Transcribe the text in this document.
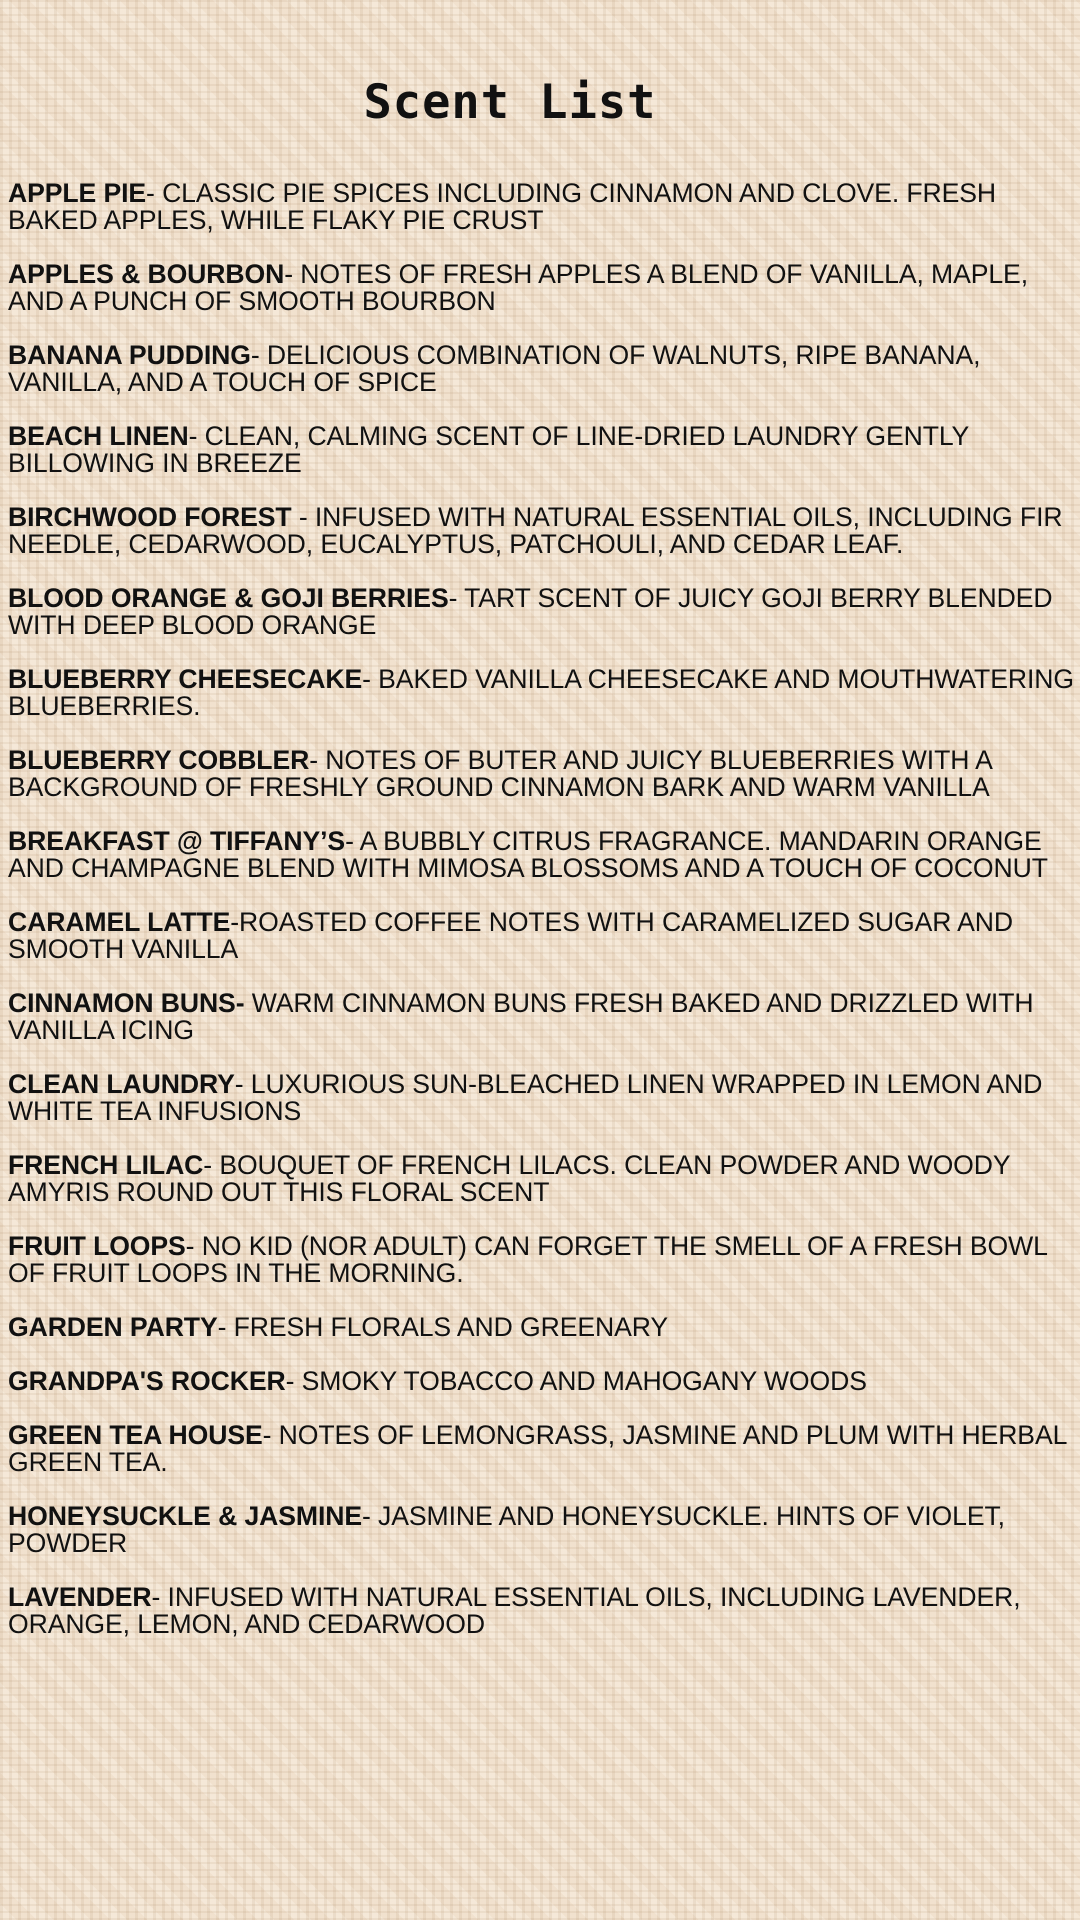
Scent List
APPLE PIE- CLASSIC PIE SPICES INCLUDING CINNAMON AND CLOVE. FRESH BAKED APPLES, WHILE FLAKY PIE CRUST
APPLES & BOURBON- NOTES OF FRESH APPLES A BLEND OF VANILLA, MAPLE, AND A PUNCH OF SMOOTH BOURBON
BANANA PUDDING- DELICIOUS COMBINATION OF WALNUTS, RIPE BANANA, VANILLA, AND A TOUCH OF SPICE
BEACH LINEN- CLEAN, CALMING SCENT OF LINE-DRIED LAUNDRY GENTLY BILLOWING IN BREEZE
BIRCHWOOD FOREST - INFUSED WITH NATURAL ESSENTIAL OILS, INCLUDING FIR NEEDLE, CEDARWOOD, EUCALYPTUS, PATCHOULI, AND CEDAR LEAF.
BLOOD ORANGE & GOJI BERRIES- TART SCENT OF JUICY GOJI BERRY BLENDED WITH DEEP BLOOD ORANGE
BLUEBERRY CHEESECAKE- BAKED VANILLA CHEESECAKE AND MOUTHWATERING BLUEBERRIES.
BLUEBERRY COBBLER- NOTES OF BUTER AND JUICY BLUEBERRIES WITH A BACKGROUND OF FRESHLY GROUND CINNAMON BARK AND WARM VANILLA
BREAKFAST @ TIFFANY’S- A BUBBLY CITRUS FRAGRANCE. MANDARIN ORANGE AND CHAMPAGNE BLEND WITH MIMOSA BLOSSOMS AND A TOUCH OF COCONUT
CARAMEL LATTE-ROASTED COFFEE NOTES WITH CARAMELIZED SUGAR AND SMOOTH VANILLA
CINNAMON BUNS- WARM CINNAMON BUNS FRESH BAKED AND DRIZZLED WITH VANILLA ICING
CLEAN LAUNDRY- LUXURIOUS SUN-BLEACHED LINEN WRAPPED IN LEMON AND WHITE TEA INFUSIONS
FRENCH LILAC- BOUQUET OF FRENCH LILACS. CLEAN POWDER AND WOODY AMYRIS ROUND OUT THIS FLORAL SCENT
FRUIT LOOPS- NO KID (NOR ADULT) CAN FORGET THE SMELL OF A FRESH BOWL OF FRUIT LOOPS IN THE MORNING.
GARDEN PARTY- FRESH FLORALS AND GREENARY
GRANDPA'S ROCKER- SMOKY TOBACCO AND MAHOGANY WOODS
GREEN TEA HOUSE- NOTES OF LEMONGRASS, JASMINE AND PLUM WITH HERBAL GREEN TEA.
HONEYSUCKLE & JASMINE- JASMINE AND HONEYSUCKLE. HINTS OF VIOLET, POWDER
LAVENDER- INFUSED WITH NATURAL ESSENTIAL OILS, INCLUDING LAVENDER, ORANGE, LEMON, AND CEDARWOOD
